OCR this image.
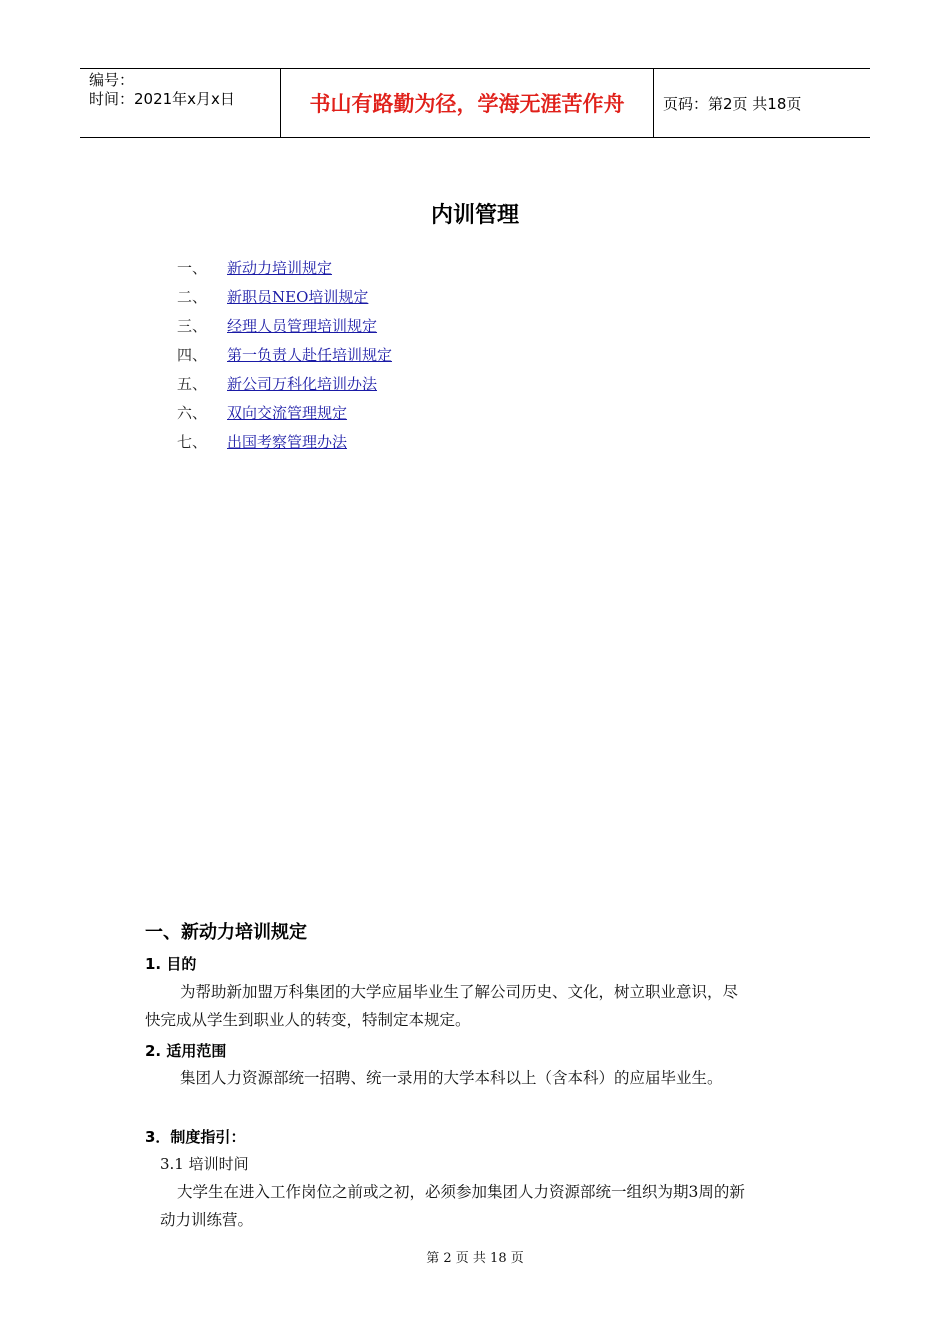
编号：
时间：2021年x月x日	书山有路勤为径，学海无涯苦作舟	页码：第2页 共18页
内训管理
一、	新动力培训规定
二、	新职员NEO培训规定
三、	经理人员管理培训规定
四、	第一负责人赴任培训规定
五、	新公司万科化培训办法
六、	双向交流管理规定
七、	出国考察管理办法
一、新动力培训规定
1. 目的
为帮助新加盟万科集团的大学应届毕业生了解公司历史、文化，树立职业意识，尽
快完成从学生到职业人的转变，特制定本规定。
2. 适用范围
集团人力资源部统一招聘、统一录用的大学本科以上（含本科）的应届毕业生。
3．制度指引：
3.1 培训时间
大学生在进入工作岗位之前或之初，必须参加集团人力资源部统一组织为期3周的新
动力训练营。
第 2 页 共 18 页
